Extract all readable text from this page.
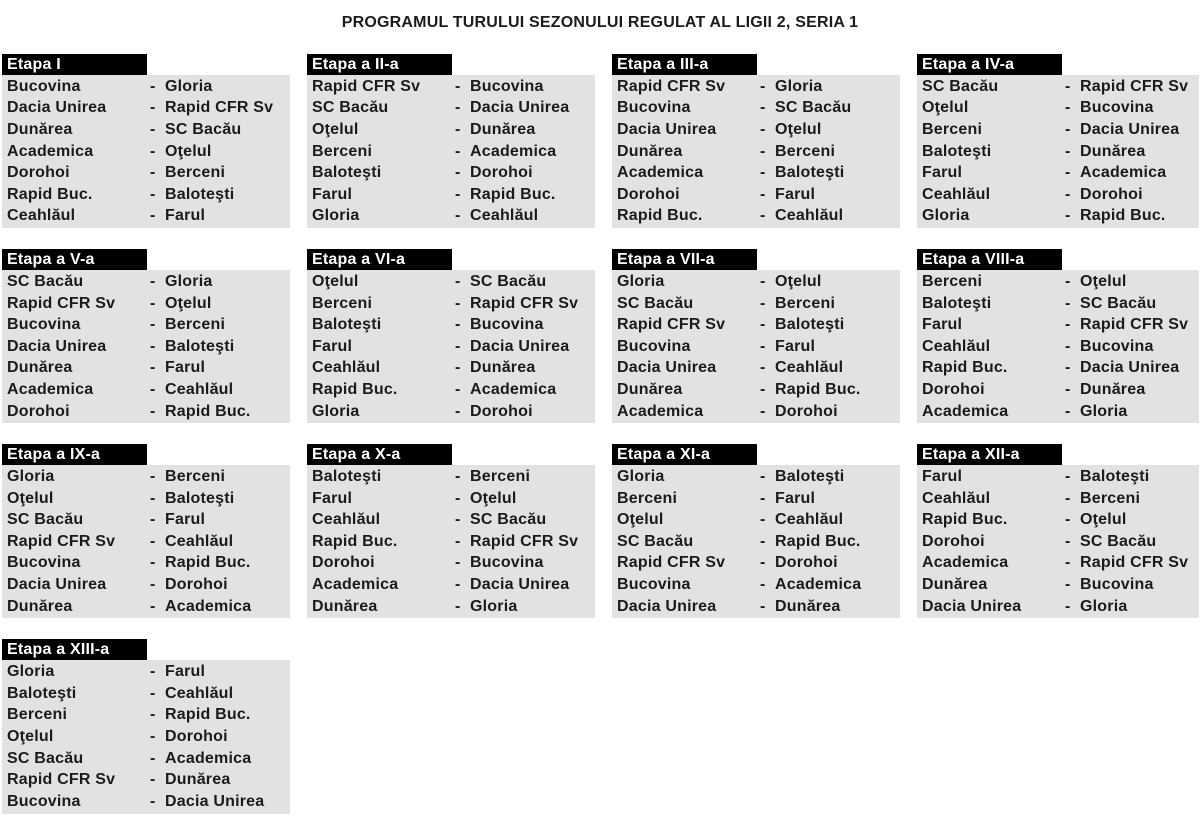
PROGRAMUL TURULUI SEZONULUI REGULAT AL LIGII 2, SERIA 1
Etapa I
Bucovina	- Gloria
Dacia Unirea	- Rapid CFR Sv
Dunărea	- SC Bacău
Academica	- Oţelul
Dorohoi	- Berceni
Rapid Buc.	- Baloteşti
Ceahlăul	- Farul
Etapa a II-a
Rapid CFR Sv	- Bucovina
SC Bacău	- Dacia Unirea
Oţelul	- Dunărea
Berceni	- Academica
Baloteşti	- Dorohoi
Farul	- Rapid Buc.
Gloria	- Ceahlăul
Etapa a III-a
Rapid CFR Sv	- Gloria
Bucovina	- SC Bacău
Dacia Unirea	- Oţelul
Dunărea	- Berceni
Academica	- Baloteşti
Dorohoi	- Farul
Rapid Buc.	- Ceahlăul
Etapa a IV-a
SC Bacău	- Rapid CFR Sv
Oţelul	- Bucovina
Berceni	- Dacia Unirea
Baloteşti	- Dunărea
Farul	- Academica
Ceahlăul	- Dorohoi
Gloria	- Rapid Buc.
Etapa a V-a
SC Bacău	- Gloria
Rapid CFR Sv	- Oţelul
Bucovina	- Berceni
Dacia Unirea	- Baloteşti
Dunărea	- Farul
Academica	- Ceahlăul
Dorohoi	- Rapid Buc.
Etapa a VI-a
Oţelul	- SC Bacău
Berceni	- Rapid CFR Sv
Baloteşti	- Bucovina
Farul	- Dacia Unirea
Ceahlăul	- Dunărea
Rapid Buc.	- Academica
Gloria	- Dorohoi
Etapa a VII-a
Gloria	- Oţelul
SC Bacău	- Berceni
Rapid CFR Sv	- Baloteşti
Bucovina	- Farul
Dacia Unirea	- Ceahlăul
Dunărea	- Rapid Buc.
Academica	- Dorohoi
Etapa a VIII-a
Berceni	- Oţelul
Baloteşti	- SC Bacău
Farul	- Rapid CFR Sv
Ceahlăul	- Bucovina
Rapid Buc.	- Dacia Unirea
Dorohoi	- Dunărea
Academica	- Gloria
Etapa a IX-a
Gloria	- Berceni
Oţelul	- Baloteşti
SC Bacău	- Farul
Rapid CFR Sv	- Ceahlăul
Bucovina	- Rapid Buc.
Dacia Unirea	- Dorohoi
Dunărea	- Academica
Etapa a X-a
Baloteşti	- Berceni
Farul	- Oţelul
Ceahlăul	- SC Bacău
Rapid Buc.	- Rapid CFR Sv
Dorohoi	- Bucovina
Academica	- Dacia Unirea
Dunărea	- Gloria
Etapa a XI-a
Gloria	- Baloteşti
Berceni	- Farul
Oţelul	- Ceahlăul
SC Bacău	- Rapid Buc.
Rapid CFR Sv	- Dorohoi
Bucovina	- Academica
Dacia Unirea	- Dunărea
Etapa a XII-a
Farul	- Baloteşti
Ceahlăul	- Berceni
Rapid Buc.	- Oţelul
Dorohoi	- SC Bacău
Academica	- Rapid CFR Sv
Dunărea	- Bucovina
Dacia Unirea	- Gloria
Etapa a XIII-a
Gloria	- Farul
Baloteşti	- Ceahlăul
Berceni	- Rapid Buc.
Oţelul	- Dorohoi
SC Bacău	- Academica
Rapid CFR Sv	- Dunărea
Bucovina	- Dacia Unirea
